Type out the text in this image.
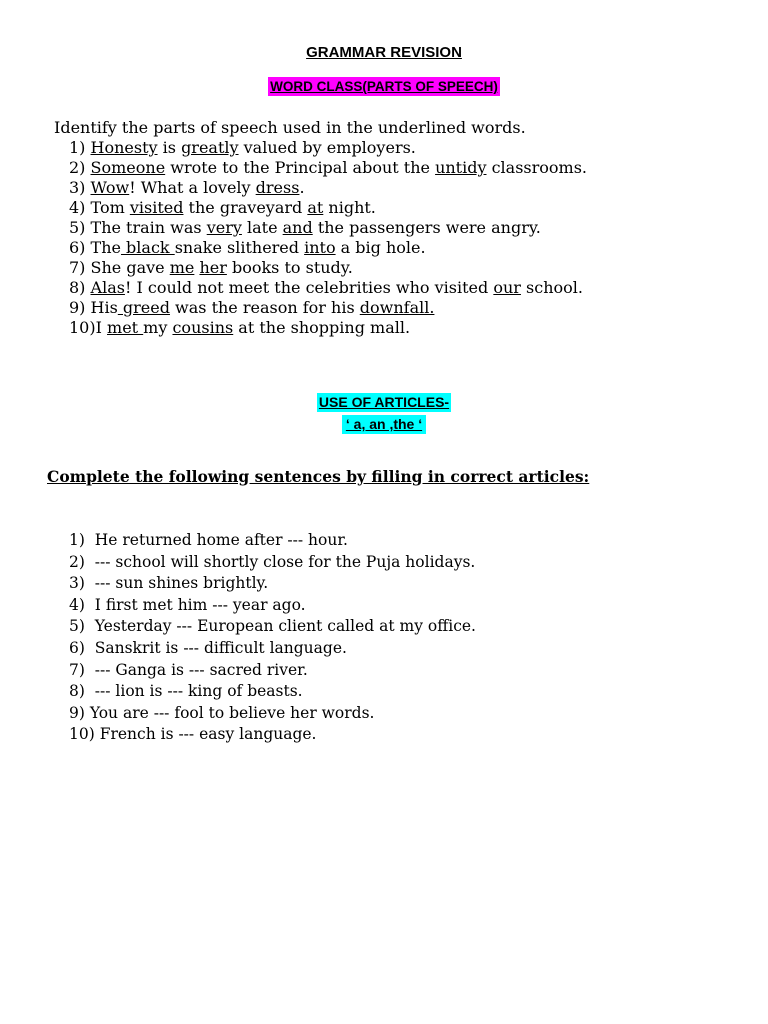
GRAMMAR REVISION
WORD CLASS(PARTS OF SPEECH)
Identify the parts of speech used in the underlined words.
1) Honesty is greatly valued by employers.
2) Someone wrote to the Principal about the untidy classrooms.
3) Wow! What a lovely dress.
4) Tom visited the graveyard at night.
5) The train was very late and the passengers were angry.
6) The black snake slithered into a big hole.
7) She gave me her books to study.
8) Alas! I could not meet the celebrities who visited our school.
9) His greed was the reason for his downfall.
10)I met my cousins at the shopping mall.
USE OF ARTICLES-
‘ a, an ,the ‘
Complete the following sentences by filling in correct articles:
1)  He returned home after --- hour.
2)  --- school will shortly close for the Puja holidays.
3)  --- sun shines brightly.
4)  I first met him --- year ago.
5)  Yesterday --- European client called at my office.
6)  Sanskrit is --- difficult language.
7)  --- Ganga is --- sacred river.
8)  --- lion is --- king of beasts.
9) You are --- fool to believe her words.
10) French is --- easy language.
